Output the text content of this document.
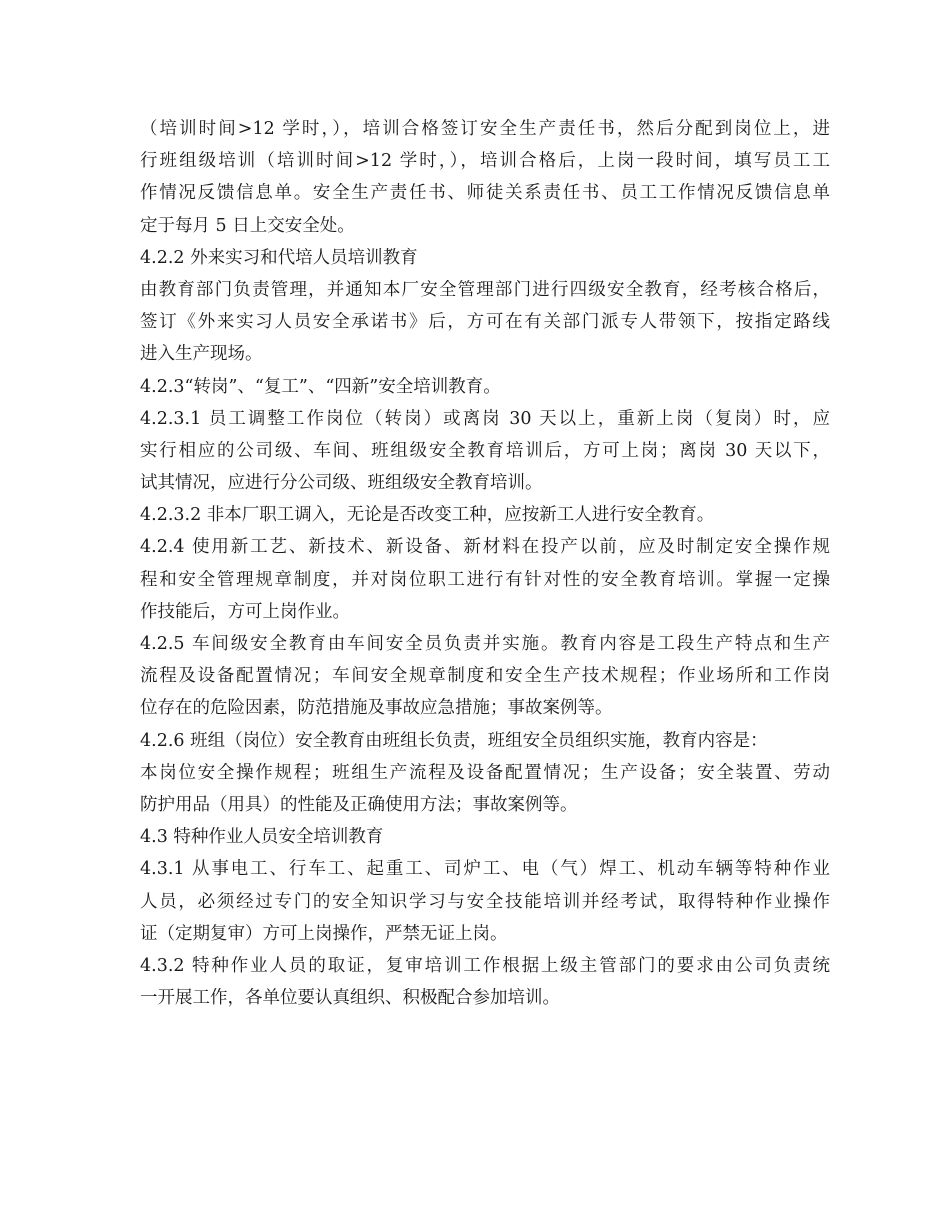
（培训时间>12 学时，），培训合格签订安全生产责任书，然后分配到岗位上，进
行班组级培训（培训时间>12 学时，），培训合格后，上岗一段时间，填写员工工
作情况反馈信息单。安全生产责任书、师徒关系责任书、员工工作情况反馈信息单
定于每月 5 日上交安全处。
4.2.2 外来实习和代培人员培训教育
由教育部门负责管理，并通知本厂安全管理部门进行四级安全教育，经考核合格后，
签订《外来实习人员安全承诺书》后，方可在有关部门派专人带领下，按指定路线
进入生产现场。
4.2.3“转岗”、“复工”、“四新”安全培训教育。
4.2.3.1 员工调整工作岗位（转岗）或离岗 30 天以上，重新上岗（复岗）时，应
实行相应的公司级、车间、班组级安全教育培训后，方可上岗；离岗 30 天以下，
试其情况，应进行分公司级、班组级安全教育培训。
4.2.3.2 非本厂职工调入，无论是否改变工种，应按新工人进行安全教育。
4.2.4 使用新工艺、新技术、新设备、新材料在投产以前，应及时制定安全操作规
程和安全管理规章制度，并对岗位职工进行有针对性的安全教育培训。掌握一定操
作技能后，方可上岗作业。
4.2.5 车间级安全教育由车间安全员负责并实施。教育内容是工段生产特点和生产
流程及设备配置情况；车间安全规章制度和安全生产技术规程；作业场所和工作岗
位存在的危险因素，防范措施及事故应急措施；事故案例等。
4.2.6 班组（岗位）安全教育由班组长负责，班组安全员组织实施，教育内容是：
本岗位安全操作规程；班组生产流程及设备配置情况；生产设备；安全装置、劳动
防护用品（用具）的性能及正确使用方法；事故案例等。
4.3 特种作业人员安全培训教育
4.3.1 从事电工、行车工、起重工、司炉工、电（气）焊工、机动车辆等特种作业
人员，必须经过专门的安全知识学习与安全技能培训并经考试，取得特种作业操作
证（定期复审）方可上岗操作，严禁无证上岗。
4.3.2 特种作业人员的取证，复审培训工作根据上级主管部门的要求由公司负责统
一开展工作，各单位要认真组织、积极配合参加培训。
